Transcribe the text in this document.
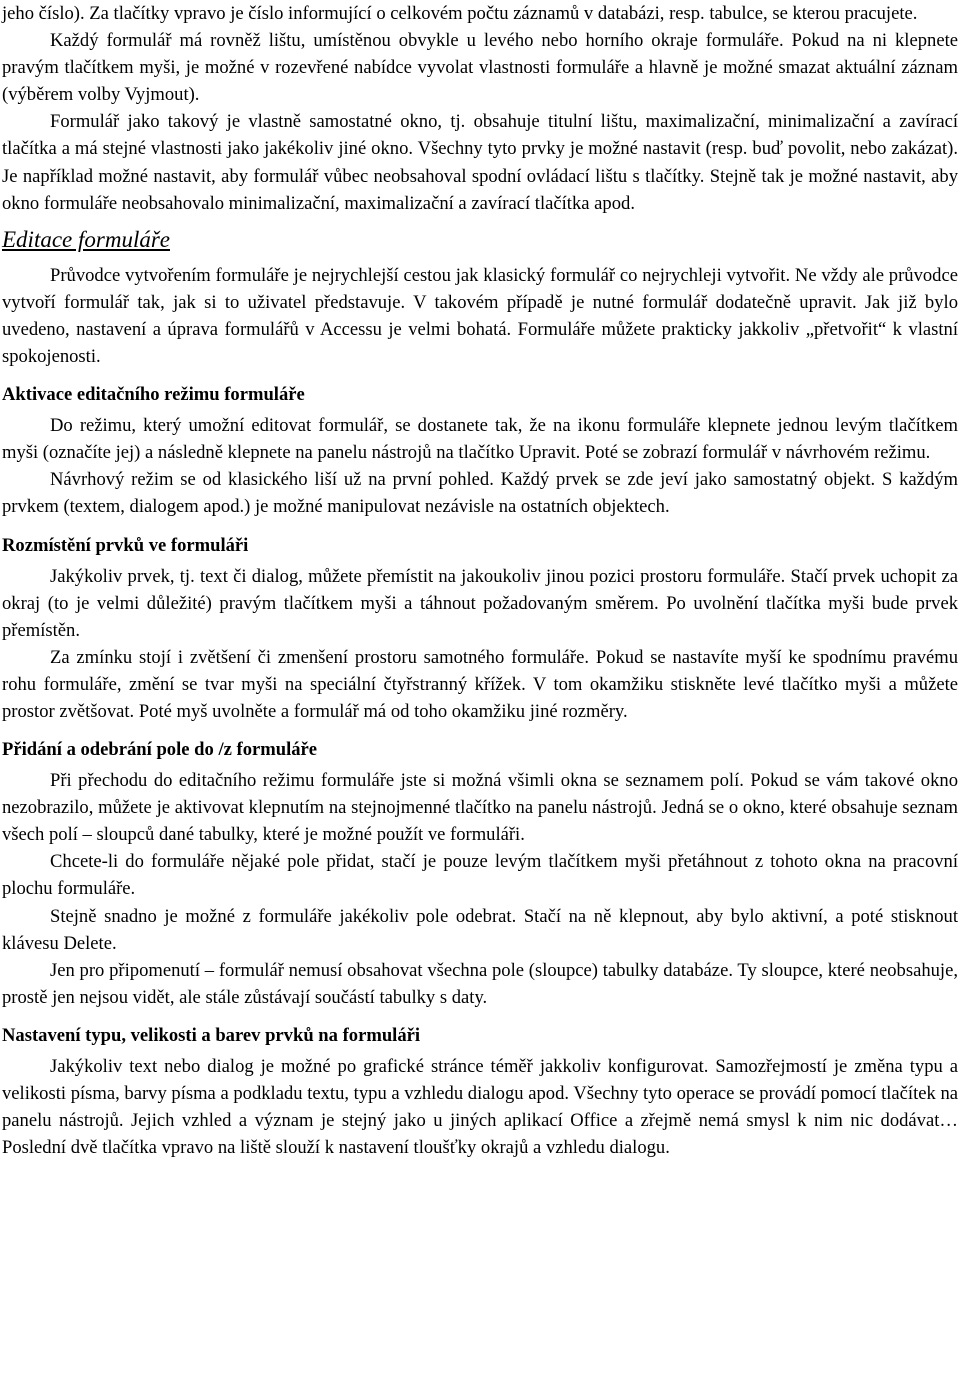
jeho číslo). Za tlačítky vpravo je číslo informující o celkovém počtu záznamů v databázi, resp. tabulce, se kterou pracujete.

Každý formulář má rovněž lištu, umístěnou obvykle u levého nebo horního okraje formuláře. Pokud na ni klepnete pravým tlačítkem myši, je možné v rozevřené nabídce vyvolat vlastnosti formuláře a hlavně je možné smazat aktuální záznam (výběrem volby Vyjmout).

Formulář jako takový je vlastně samostatné okno, tj. obsahuje titulní lištu, maximalizační, minimalizační a zavírací tlačítka a má stejné vlastnosti jako jakékoliv jiné okno. Všechny tyto prvky je možné nastavit (resp. buď povolit, nebo zakázat). Je například možné nastavit, aby formulář vůbec neobsahoval spodní ovládací lištu s tlačítky. Stejně tak je možné nastavit, aby okno formuláře neobsahovalo minimalizační, maximalizační a zavírací tlačítka apod.

Editace formuláře

Průvodce vytvořením formuláře je nejrychlejší cestou jak klasický formulář co nejrychleji vytvořit. Ne vždy ale průvodce vytvoří formulář tak, jak si to uživatel představuje. V takovém případě je nutné formulář dodatečně upravit. Jak již bylo uvedeno, nastavení a úprava formulářů v Accessu je velmi bohatá. Formuláře můžete prakticky jakkoliv „přetvořit“ k vlastní spokojenosti.

Aktivace editačního režimu formuláře

Do režimu, který umožní editovat formulář, se dostanete tak, že na ikonu formuláře klepnete jednou levým tlačítkem myši (označíte jej) a následně klepnete na panelu nástrojů na tlačítko Upravit. Poté se zobrazí formulář v návrhovém režimu.

Návrhový režim se od klasického liší už na první pohled. Každý prvek se zde jeví jako samostatný objekt. S každým prvkem (textem, dialogem apod.) je možné manipulovat nezávisle na ostatních objektech.

Rozmístění prvků ve formuláři

Jakýkoliv prvek, tj. text či dialog, můžete přemístit na jakoukoliv jinou pozici prostoru formuláře. Stačí prvek uchopit za okraj (to je velmi důležité) pravým tlačítkem myši a táhnout požadovaným směrem. Po uvolnění tlačítka myši bude prvek přemístěn.

Za zmínku stojí i zvětšení či zmenšení prostoru samotného formuláře. Pokud se nastavíte myší ke spodnímu pravému rohu formuláře, změní se tvar myši na speciální čtyřstranný křížek. V tom okamžiku stiskněte levé tlačítko myši a můžete prostor zvětšovat. Poté myš uvolněte a formulář má od toho okamžiku jiné rozměry.

Přidání a odebrání pole do /z formuláře

Při přechodu do editačního režimu formuláře jste si možná všimli okna se seznamem polí. Pokud se vám takové okno nezobrazilo, můžete je aktivovat klepnutím na stejnojmenné tlačítko na panelu nástrojů. Jedná se o okno, které obsahuje seznam všech polí – sloupců dané tabulky, které je možné použít ve formuláři.

Chcete-li do formuláře nějaké pole přidat, stačí je pouze levým tlačítkem myši přetáhnout z tohoto okna na pracovní plochu formuláře.

Stejně snadno je možné z formuláře jakékoliv pole odebrat. Stačí na ně klepnout, aby bylo aktivní, a poté stisknout klávesu Delete.

Jen pro připomenutí – formulář nemusí obsahovat všechna pole (sloupce) tabulky databáze. Ty sloupce, které neobsahuje, prostě jen nejsou vidět, ale stále zůstávají součástí tabulky s daty.

Nastavení typu, velikosti a barev prvků na formuláři

Jakýkoliv text nebo dialog je možné po grafické stránce téměř jakkoliv konfigurovat. Samozřejmostí je změna typu a velikosti písma, barvy písma a podkladu textu, typu a vzhledu dialogu apod. Všechny tyto operace se provádí pomocí tlačítek na panelu nástrojů. Jejich vzhled a význam je stejný jako u jiných aplikací Office a zřejmě nemá smysl k nim nic dodávat… Poslední dvě tlačítka vpravo na liště slouží k nastavení tloušťky okrajů a vzhledu dialogu.
